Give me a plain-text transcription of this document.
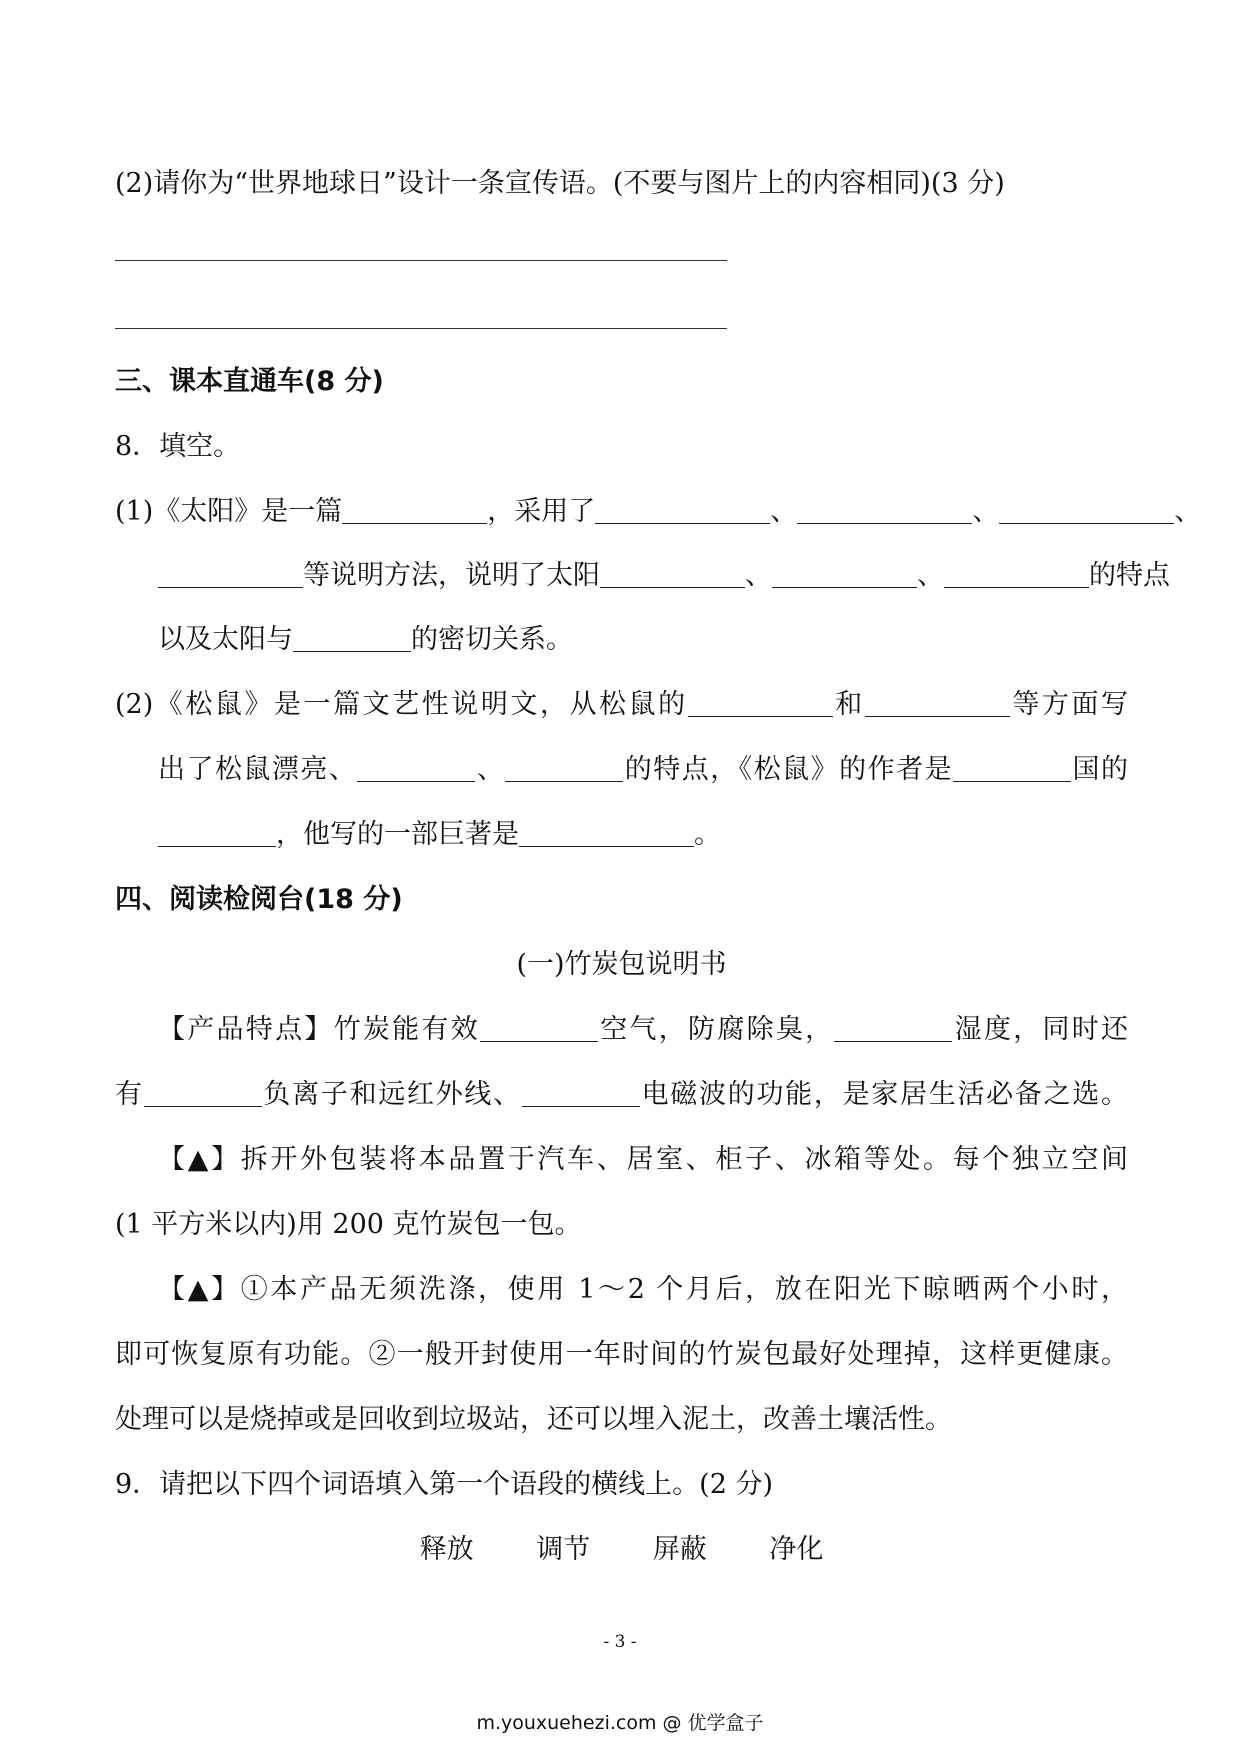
(2)请你为“世界地球日”设计一条宣传语。(不要与图片上的内容相同)(3 分)
三、课本直通车(8 分)
8．填空。
(1)《太阳》是一篇	，采用了	、	、	、
等说明方法，说明了太阳	、	、	的特点
以及太阳与	的密切关系。
(2)《松鼠》是一篇文艺性说明文，从松鼠的	和	等方面写
出了松鼠漂亮、	、	的特点，《松鼠》的作者是	国的
，他写的一部巨著是	。
四、阅读检阅台(18 分)
(一)竹炭包说明书
【产品特点】竹炭能有效	空气，防腐除臭，	湿度，同时还
有	负离子和远红外线、	电磁波的功能，是家居生活必备之选。
【▲】拆开外包装将本品置于汽车、居室、柜子、冰箱等处。每个独立空间
(1 平方米以内)用 200 克竹炭包一包。
【▲】①本产品无须洗涤，使用 1～2 个月后，放在阳光下晾晒两个小时，
即可恢复原有功能。②一般开封使用一年时间的竹炭包最好处理掉，这样更健康。
处理可以是烧掉或是回收到垃圾站，还可以埋入泥土，改善土壤活性。
9．请把以下四个词语填入第一个语段的横线上。(2 分)
释放 调节 屏蔽 净化
- 3 -
m.youxuehezi.com @ 优学盒子
